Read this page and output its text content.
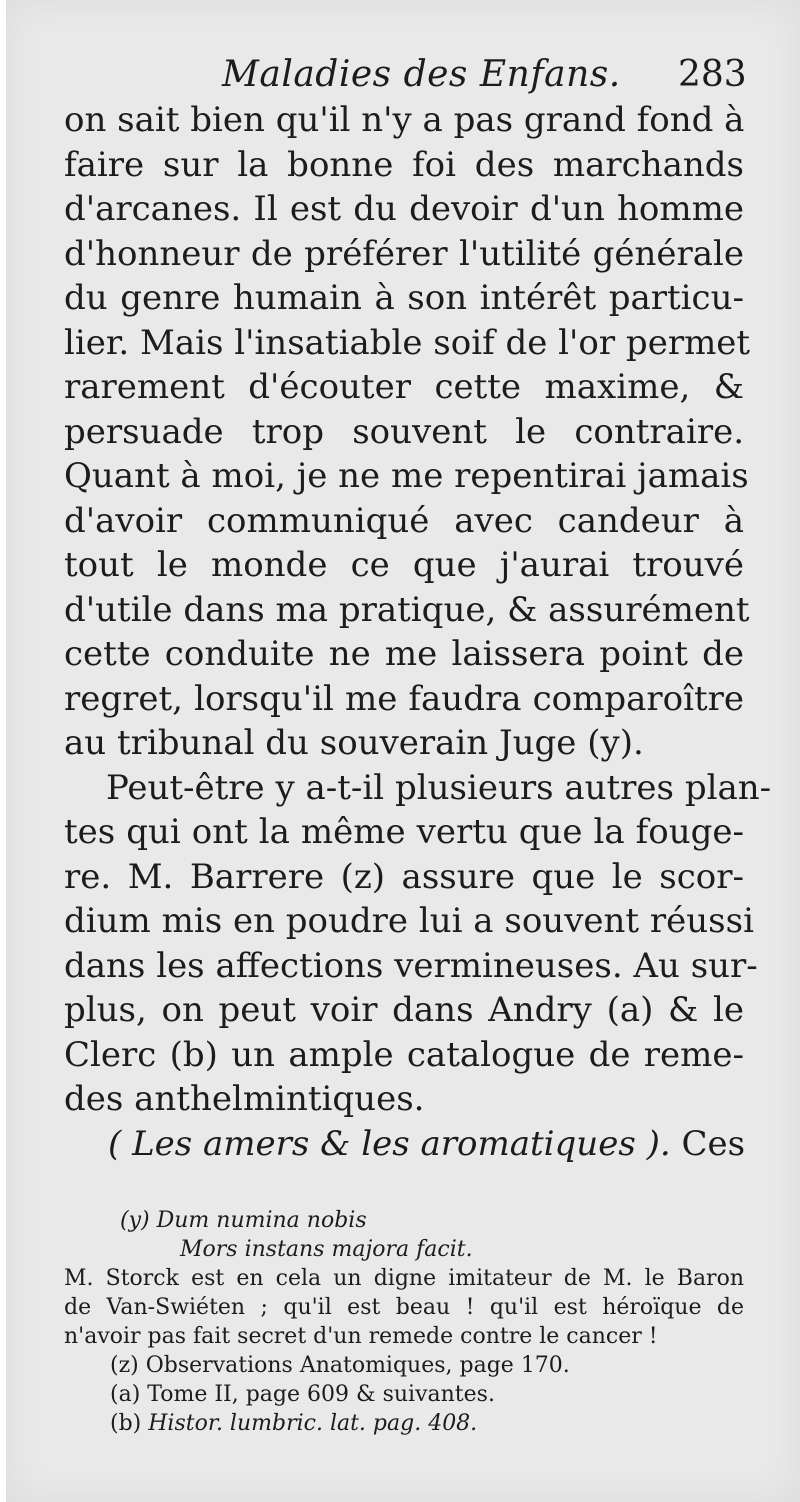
Maladies des Enfans. 283
on sait bien qu'il n'y a pas grand fond à
faire sur la bonne foi des marchands
d'arcanes. Il est du devoir d'un homme
d'honneur de préférer l'utilité générale
du genre humain à son intérêt particu-
lier. Mais l'insatiable soif de l'or permet
rarement d'écouter cette maxime, &
persuade trop souvent le contraire.
Quant à moi, je ne me repentirai jamais
d'avoir communiqué avec candeur à
tout le monde ce que j'aurai trouvé
d'utile dans ma pratique, & assurément
cette conduite ne me laissera point de
regret, lorsqu'il me faudra comparoître
au tribunal du souverain Juge (y).
Peut-être y a-t-il plusieurs autres plan-
tes qui ont la même vertu que la fouge-
re. M. Barrere (z) assure que le scor-
dium mis en poudre lui a souvent réussi
dans les affections vermineuses. Au sur-
plus, on peut voir dans Andry (a) & le
Clerc (b) un ample catalogue de reme-
des anthelmintiques.
( Les amers & les aromatiques ). Ces
(y) Dum numina nobis
Mors instans majora facit.
M. Storck est en cela un digne imitateur de M. le Baron
de Van-Swiéten ; qu'il est beau ! qu'il est héroïque de
n'avoir pas fait secret d'un remede contre le cancer !
(z) Observations Anatomiques, page 170.
(a) Tome II, page 609 & suivantes.
(b) Histor. lumbric. lat. pag. 408.
